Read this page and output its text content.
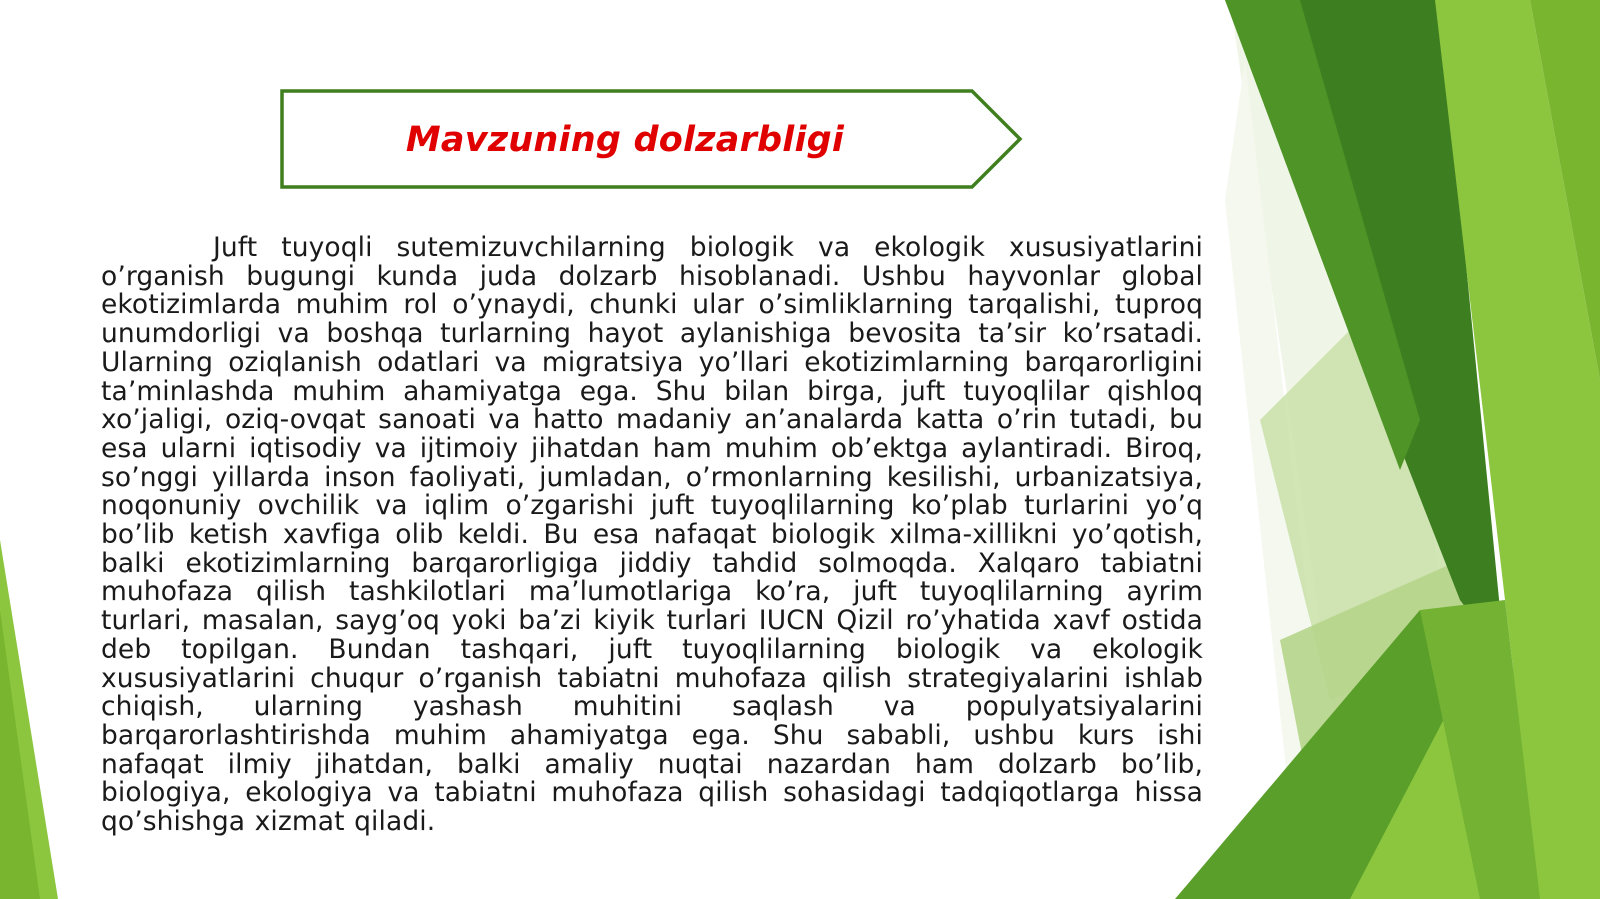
Mavzuning dolzarbligi
Juft tuyoqli sutemizuvchilarning biologik va ekologik xususiyatlarini o’rganish bugungi kunda juda dolzarb hisoblanadi. Ushbu hayvonlar global ekotizimlarda muhim rol o’ynaydi, chunki ular o’simliklarning tarqalishi, tuproq unumdorligi va boshqa turlarning hayot aylanishiga bevosita ta’sir ko’rsatadi. Ularning oziqlanish odatlari va migratsiya yo’llari ekotizimlarning barqarorligini ta’minlashda muhim ahamiyatga ega. Shu bilan birga, juft tuyoqlilar qishloq xo’jaligi, oziq-ovqat sanoati va hatto madaniy an’analarda katta o’rin tutadi, bu esa ularni iqtisodiy va ijtimoiy jihatdan ham muhim ob’ektga aylantiradi. Biroq, so’nggi yillarda inson faoliyati, jumladan, o’rmonlarning kesilishi, urbanizatsiya, noqonuniy ovchilik va iqlim o’zgarishi juft tuyoqlilarning ko’plab turlarini yo’q bo’lib ketish xavfiga olib keldi. Bu esa nafaqat biologik xilma-xillikni yo’qotish, balki ekotizimlarning barqarorligiga jiddiy tahdid solmoqda. Xalqaro tabiatni muhofaza qilish tashkilotlari ma’lumotlariga ko’ra, juft tuyoqlilarning ayrim turlari, masalan, sayg’oq yoki ba’zi kiyik turlari IUCN Qizil ro’yhatida xavf ostida deb topilgan. Bundan tashqari, juft tuyoqlilarning biologik va ekologik xususiyatlarini chuqur o’rganish tabiatni muhofaza qilish strategiyalarini ishlab chiqish, ularning yashash muhitini saqlash va populyatsiyalarini barqarorlashtirishda muhim ahamiyatga ega. Shu sababli, ushbu kurs ishi nafaqat ilmiy jihatdan, balki amaliy nuqtai nazardan ham dolzarb bo’lib, biologiya, ekologiya va tabiatni muhofaza qilish sohasidagi tadqiqotlarga hissa qo’shishga xizmat qiladi.
